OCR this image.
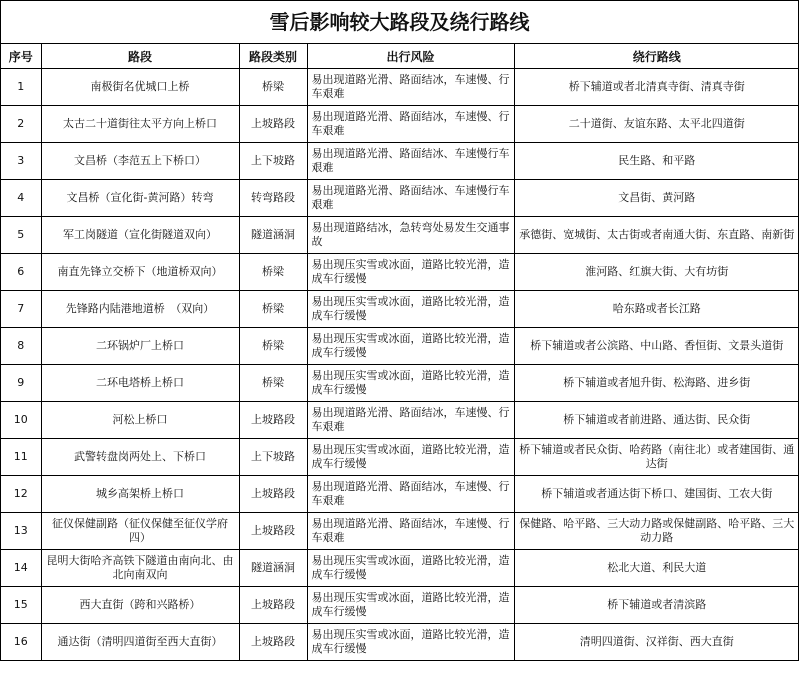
雪后影响较大路段及绕行路线
序号	路段	路段类别	出行风险	绕行路线
1	南极街名优城口上桥	桥梁	易出现道路光滑、路面结冰，车速慢、行车艰难	桥下辅道或者北清真寺街、清真寺街
2	太古二十道街往太平方向上桥口	上坡路段	易出现道路光滑、路面结冰，车速慢、行车艰难	二十道街、友谊东路、太平北四道街
3	文昌桥（李范五上下桥口）	上下坡路	易出现道路光滑、路面结冰、车速慢行车艰难	民生路、和平路
4	文昌桥（宣化街-黄河路）转弯	转弯路段	易出现道路光滑、路面结冰、车速慢行车艰难	文昌街、黄河路
5	军工岗隧道（宣化街隧道双向）	隧道涵洞	易出现道路结冰，急转弯处易发生交通事故	承德街、宽城街、太古街或者南通大街、东直路、南新街
6	南直先锋立交桥下（地道桥双向）	桥梁	易出现压实雪或冰面，道路比较光滑，造成车行缓慢	淮河路、红旗大街、大有坊街
7	先锋路内陆港地道桥　（双向）	桥梁	易出现压实雪或冰面，道路比较光滑，造成车行缓慢	哈东路或者长江路
8	二环锅炉厂上桥口	桥梁	易出现压实雪或冰面，道路比较光滑，造成车行缓慢	桥下辅道或者公滨路、中山路、香恒街、文景头道街
9	二环电塔桥上桥口	桥梁	易出现压实雪或冰面，道路比较光滑，造成车行缓慢	桥下辅道或者旭升街、松海路、进乡街
10	河松上桥口	上坡路段	易出现道路光滑、路面结冰，车速慢、行车艰难	桥下辅道或者前进路、通达街、民众街
11	武警转盘岗两处上、下桥口	上下坡路	易出现压实雪或冰面，道路比较光滑，造成车行缓慢	桥下辅道或者民众街、哈药路（南往北）或者建国街、通达街
12	城乡高架桥上桥口	上坡路段	易出现道路光滑、路面结冰，车速慢、行车艰难	桥下辅道或者通达街下桥口、建国街、工农大街
13	征仪保健副路（征仪保健至征仪学府四）	上坡路段	易出现道路光滑、路面结冰，车速慢、行车艰难	保健路、哈平路、三大动力路或保健副路、哈平路、三大动力路
14	昆明大街哈齐高铁下隧道由南向北、由北向南双向	隧道涵洞	易出现压实雪或冰面，道路比较光滑，造成车行缓慢	松北大道、利民大道
15	西大直街（跨和兴路桥）	上坡路段	易出现压实雪或冰面，道路比较光滑，造成车行缓慢	桥下辅道或者清滨路
16	通达街（清明四道街至西大直街）	上坡路段	易出现压实雪或冰面，道路比较光滑，造成车行缓慢	清明四道街、汉祥街、西大直街
